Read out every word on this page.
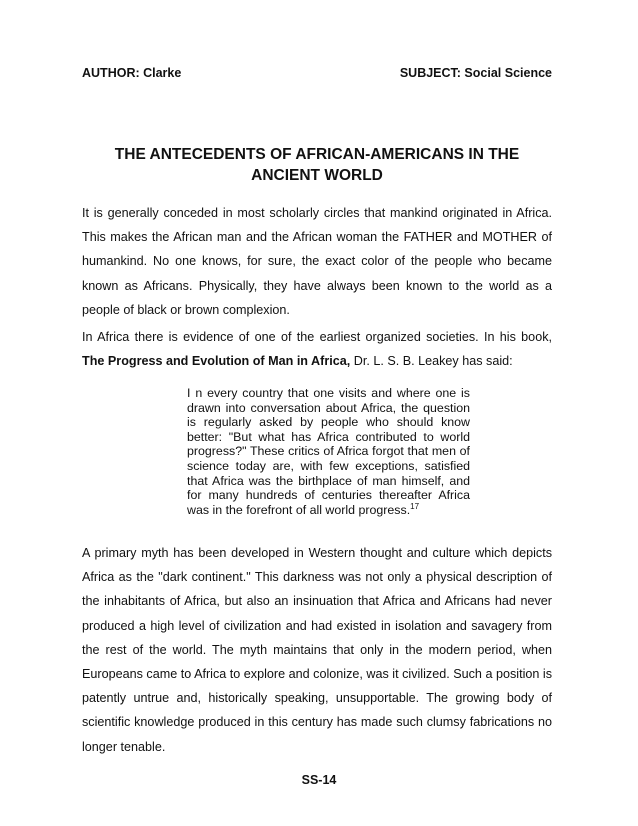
AUTHOR: Clarke	SUBJECT: Social Science
THE ANTECEDENTS OF AFRICAN-AMERICANS IN THE
ANCIENT WORLD

It is generally conceded in most scholarly circles that mankind originated in Africa. This makes the African man and the African woman the FATHER and MOTHER of humankind. No one knows, for sure, the exact color of the people who became known as Africans. Physically, they have always been known to the world as a people of black or brown complexion.

In Africa there is evidence of one of the earliest organized societies. In his book, The Progress and Evolution of Man in Africa, Dr. L. S. B. Leakey has said:

I n every country that one visits and where one is drawn into conversation about Africa, the question is regularly asked by people who should know better: "But what has Africa contributed to world progress?" These critics of Africa forgot that men of science today are, with few exceptions, satisfied that Africa was the birthplace of man himself, and for many hundreds of centuries thereafter Africa was in the forefront of all world progress.$^{17}$

A primary myth has been developed in Western thought and culture which depicts Africa as the "dark continent." This darkness was not only a physical description of the inhabitants of Africa, but also an insinuation that Africa and Africans had never produced a high level of civilization and had existed in isolation and savagery from the rest of the world. The myth maintains that only in the modern period, when Europeans came to Africa to explore and colonize, was it civilized. Such a position is patently untrue and, historically speaking, unsupportable. The growing body of scientific knowledge produced in this century has made such clumsy fabrications no longer tenable.

SS-14
